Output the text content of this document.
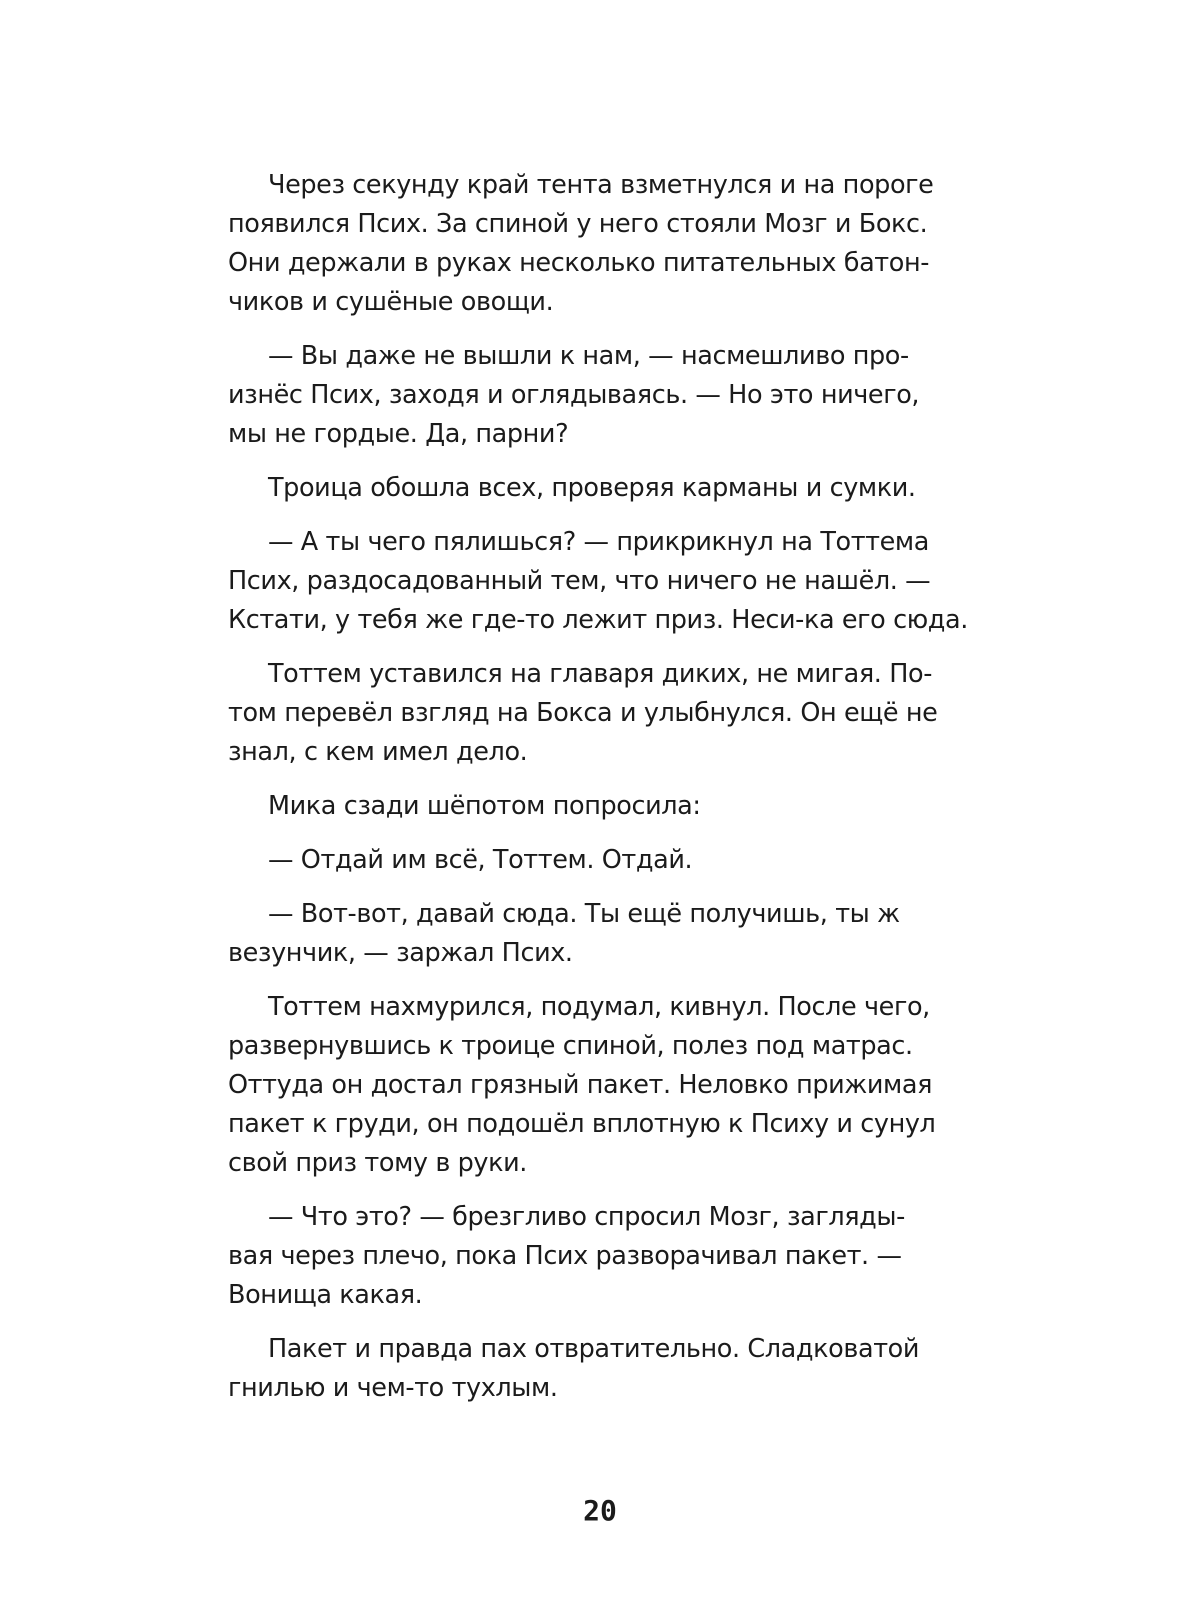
Через секунду край тента взметнулся и на пороге
появился Псих. За спиной у него стояли Мозг и Бокс.
Они держали в руках несколько питательных батон-
чиков и сушёные овощи.

— Вы даже не вышли к нам, — насмешливо про-
изнёс Псих, заходя и оглядываясь. — Но это ничего,
мы не гордые. Да, парни?

Троица обошла всех, проверяя карманы и сумки.

— А ты чего пялишься? — прикрикнул на Тоттема
Псих, раздосадованный тем, что ничего не нашёл. —
Кстати, у тебя же где-то лежит приз. Неси-ка его сюда.

Тоттем уставился на главаря диких, не мигая. По-
том перевёл взгляд на Бокса и улыбнулся. Он ещё не
знал, с кем имел дело.

Мика сзади шёпотом попросила:

— Отдай им всё, Тоттем. Отдай.

— Вот-вот, давай сюда. Ты ещё получишь, ты ж
везунчик, — заржал Псих.

Тоттем нахмурился, подумал, кивнул. После чего,
развернувшись к троице спиной, полез под матрас.
Оттуда он достал грязный пакет. Неловко прижимая
пакет к груди, он подошёл вплотную к Психу и сунул
свой приз тому в руки.

— Что это? — брезгливо спросил Мозг, загляды-
вая через плечо, пока Псих разворачивал пакет. —
Вонища какая.

Пакет и правда пах отвратительно. Сладковатой
гнилью и чем-то тухлым.

20
